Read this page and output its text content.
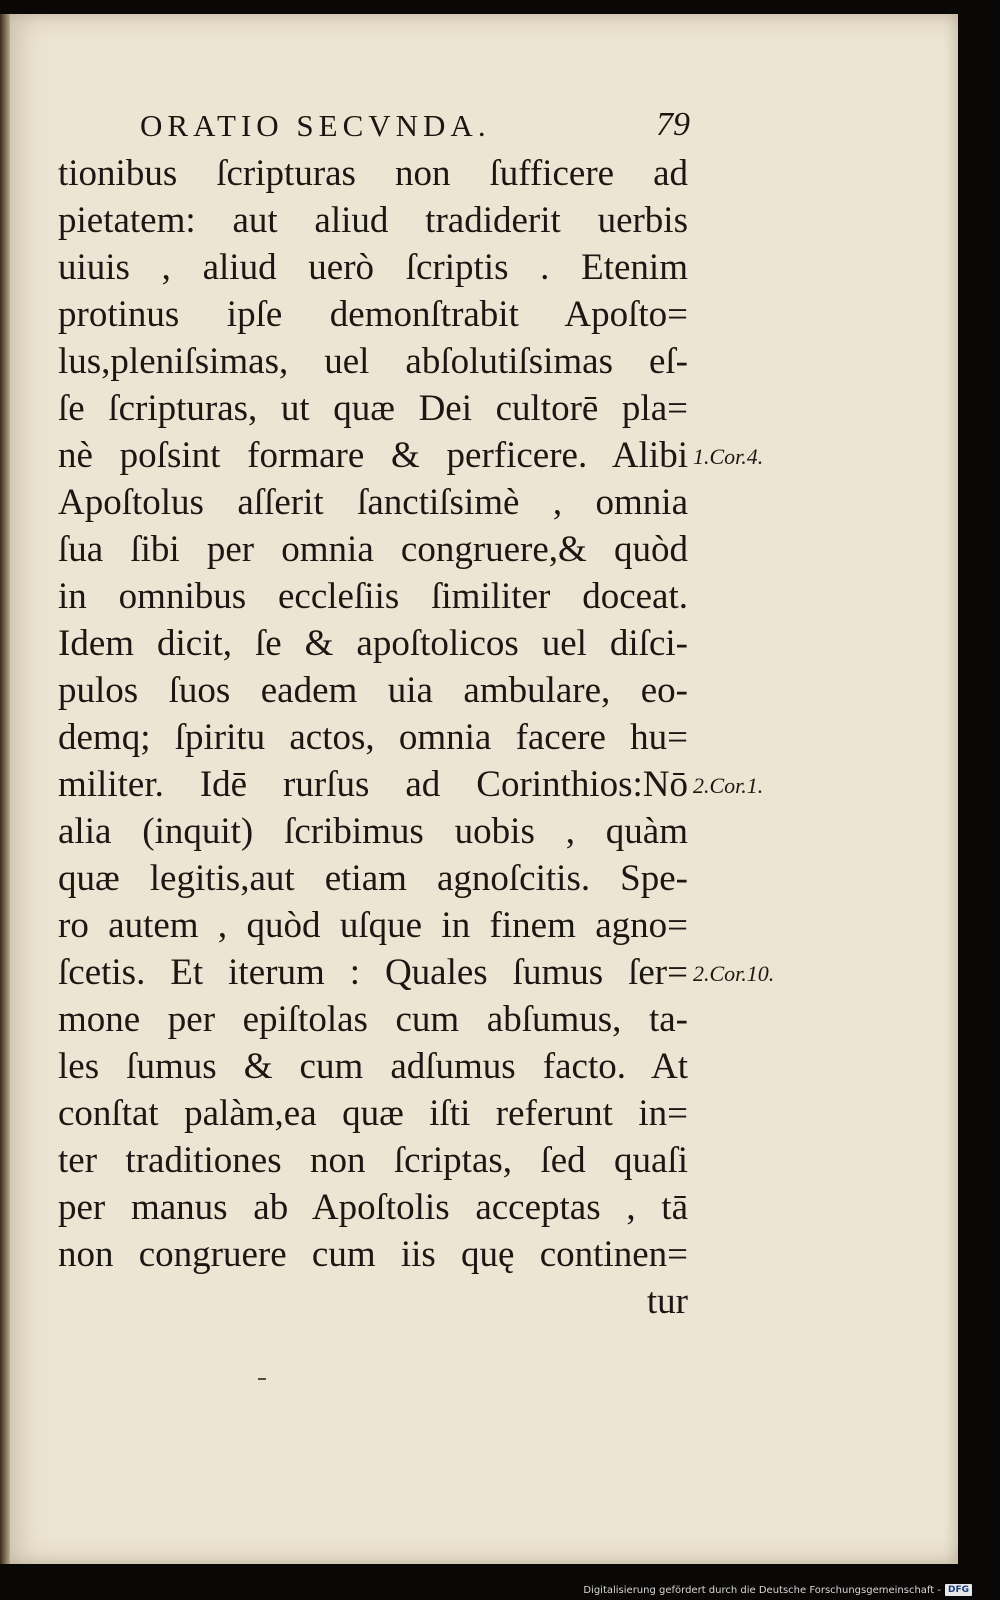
ORATIO SECVNDA.	79
tionibus ſcripturas non ſufficere ad
pietatem: aut aliud tradiderit uerbis
uiuis , aliud uerò ſcriptis . Etenim
protinus ipſe demonſtrabit Apoſto=
lus,pleniſsimas, uel abſolutiſsimas eſ-
ſe ſcripturas, ut quæ Dei cultorē pla=
nè poſsint formare & perficere. Alibi
Apoſtolus aſſerit ſanctiſsimè , omnia
ſua ſibi per omnia congruere,& quòd
in omnibus eccleſiis ſimiliter doceat.
Idem dicit, ſe & apoſtolicos uel diſci-
pulos ſuos eadem uia ambulare, eo-
demq; ſpiritu actos, omnia facere hu=
militer. Idē rurſus ad Corinthios:Nō
alia (inquit) ſcribimus uobis , quàm
quæ legitis,aut etiam agnoſcitis. Spe-
ro autem , quòd uſque in finem agno=
ſcetis. Et iterum : Quales ſumus ſer=
mone per epiſtolas cum abſumus, ta-
les ſumus & cum adſumus facto. At
conſtat palàm,ea quæ iſti referunt in=
ter traditiones non ſcriptas, ſed quaſi
per manus ab Apoſtolis acceptas , tā
non congruere cum iis quę continen=
tur
1.Cor.4.
2.Cor.1.
2.Cor.10.
Digitalisierung gefördert durch die Deutsche Forschungsgemeinschaft - DFG
